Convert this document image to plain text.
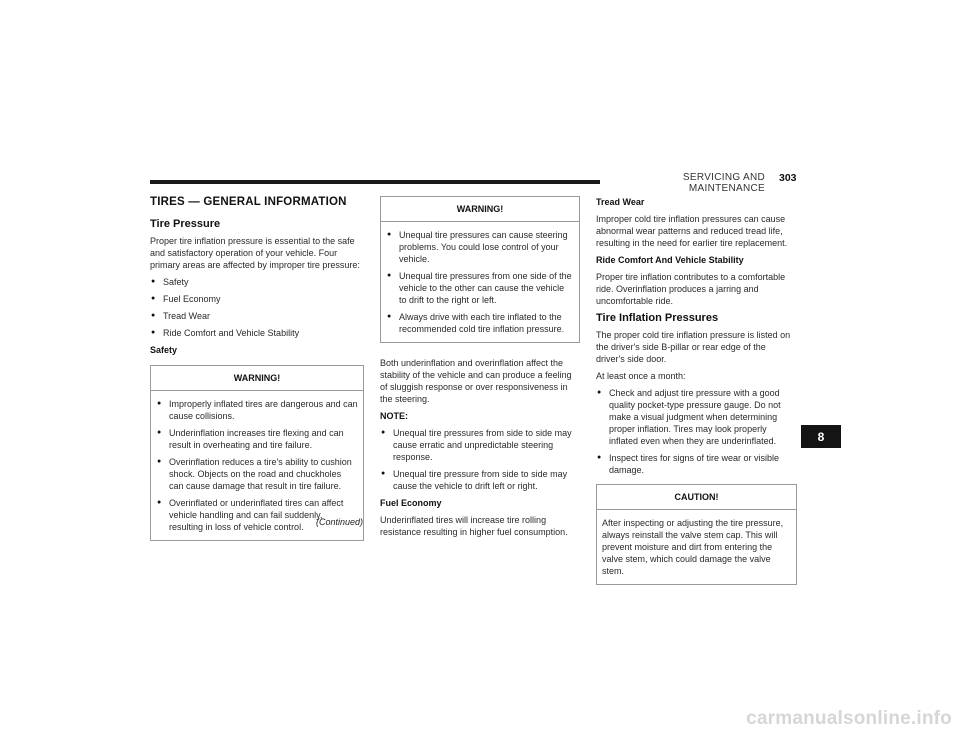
SERVICING AND MAINTENANCE
303
TIRES — GENERAL INFORMATION
Tire Pressure

Proper tire inflation pressure is essential to the safe and satisfactory operation of your vehicle. Four primary areas are affected by improper tire pressure:

● Safety
● Fuel Economy
● Tread Wear
● Ride Comfort and Vehicle Stability
Safety
WARNING!
● Improperly inflated tires are dangerous and can cause collisions.
● Underinflation increases tire flexing and can result in overheating and tire failure.
● Overinflation reduces a tire's ability to cushion shock. Objects on the road and chuckholes can cause damage that result in tire failure.
● Overinflated or underinflated tires can affect vehicle handling and can fail suddenly, resulting in loss of vehicle control.	(Continued)
WARNING!
● Unequal tire pressures can cause steering problems. You could lose control of your vehicle.
● Unequal tire pressures from one side of the vehicle to the other can cause the vehicle to drift to the right or left.
● Always drive with each tire inflated to the recommended cold tire inflation pressure.

Both underinflation and overinflation affect the stability of the vehicle and can produce a feeling of sluggish response or over responsiveness in the steering.

NOTE:
● Unequal tire pressures from side to side may cause erratic and unpredictable steering response.
● Unequal tire pressure from side to side may cause the vehicle to drift left or right.
Fuel Economy

Underinflated tires will increase tire rolling resistance resulting in higher fuel consumption.

Tread Wear

Improper cold tire inflation pressures can cause abnormal wear patterns and reduced tread life, resulting in the need for earlier tire replacement.

Ride Comfort And Vehicle Stability

Proper tire inflation contributes to a comfortable ride. Overinflation produces a jarring and uncomfortable ride.

Tire Inflation Pressures

The proper cold tire inflation pressure is listed on the driver's side B-pillar or rear edge of the driver's side door.

At least once a month:

● Check and adjust tire pressure with a good quality pocket-type pressure gauge. Do not make a visual judgment when determining proper inflation. Tires may look properly inflated even when they are underinflated.
● Inspect tires for signs of tire wear or visible damage.
CAUTION!

After inspecting or adjusting the tire pressure, always reinstall the valve stem cap. This will prevent moisture and dirt from entering the valve stem, which could damage the valve stem.

8
carmanualsonline.info
